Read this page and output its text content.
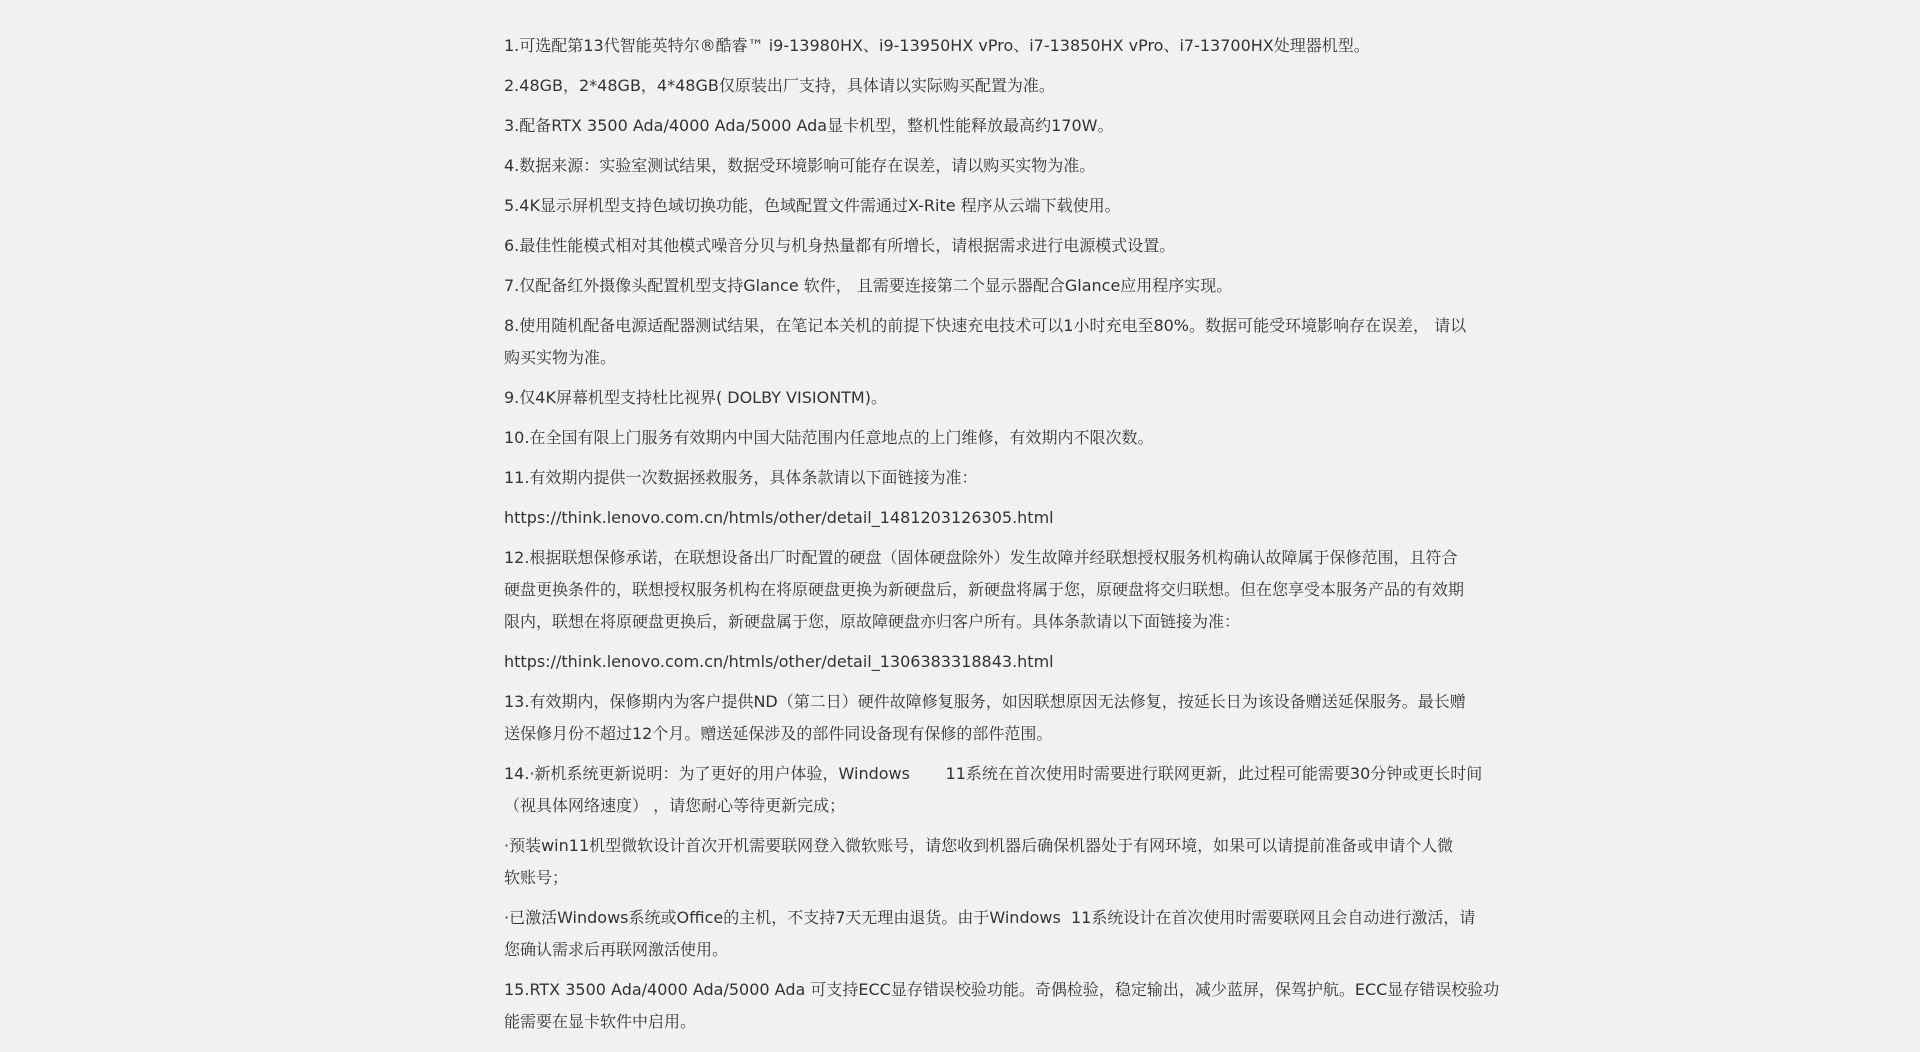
1.可选配第13代智能英特尔®酷睿™ i9-13980HX、i9-13950HX vPro、i7-13850HX vPro、i7-13700HX处理器机型。
2.48GB，2*48GB，4*48GB仅原装出厂支持，具体请以实际购买配置为准。
3.配备RTX 3500 Ada/4000 Ada/5000 Ada显卡机型，整机性能释放最高约170W。
4.数据来源：实验室测试结果，数据受环境影响可能存在误差，请以购买实物为准。
5.4K显示屏机型支持色域切换功能，色域配置文件需通过X-Rite 程序从云端下载使用。
6.最佳性能模式相对其他模式噪音分贝与机身热量都有所增长，请根据需求进行电源模式设置。
7.仅配备红外摄像头配置机型支持Glance 软件， 且需要连接第二个显示器配合Glance应用程序实现。
8.使用随机配备电源适配器测试结果，在笔记本关机的前提下快速充电技术可以1小时充电至80%。数据可能受环境影响存在误差， 请以
购买实物为准。
9.仅4K屏幕机型支持杜比视界( DOLBY VISIONTM)。
10.在全国有限上门服务有效期内中国大陆范围内任意地点的上门维修，有效期内不限次数。
11.有效期内提供一次数据拯救服务，具体条款请以下面链接为准：
https://think.lenovo.com.cn/htmls/other/detail_1481203126305.html
12.根据联想保修承诺，在联想设备出厂时配置的硬盘（固体硬盘除外）发生故障并经联想授权服务机构确认故障属于保修范围，且符合
硬盘更换条件的，联想授权服务机构在将原硬盘更换为新硬盘后，新硬盘将属于您，原硬盘将交归联想。但在您享受本服务产品的有效期
限内，联想在将原硬盘更换后，新硬盘属于您，原故障硬盘亦归客户所有。具体条款请以下面链接为准：
https://think.lenovo.com.cn/htmls/other/detail_1306383318843.html
13.有效期内，保修期内为客户提供ND（第二日）硬件故障修复服务，如因联想原因无法修复，按延长日为该设备赠送延保服务。最长赠
送保修月份不超过12个月。赠送延保涉及的部件同设备现有保修的部件范围。
14.·新机系统更新说明：为了更好的用户体验，Windows       11系统在首次使用时需要进行联网更新，此过程可能需要30分钟或更长时间
（视具体网络速度） ，请您耐心等待更新完成；
·预装win11机型微软设计首次开机需要联网登入微软账号，请您收到机器后确保机器处于有网环境，如果可以请提前准备或申请个人微
软账号；
·已激活Windows系统或Office的主机，不支持7天无理由退货。由于Windows  11系统设计在首次使用时需要联网且会自动进行激活，请
您确认需求后再联网激活使用。
15.RTX 3500 Ada/4000 Ada/5000 Ada 可支持ECC显存错误校验功能。奇偶检验，稳定输出，减少蓝屏，保驾护航。ECC显存错误校验功
能需要在显卡软件中启用。
